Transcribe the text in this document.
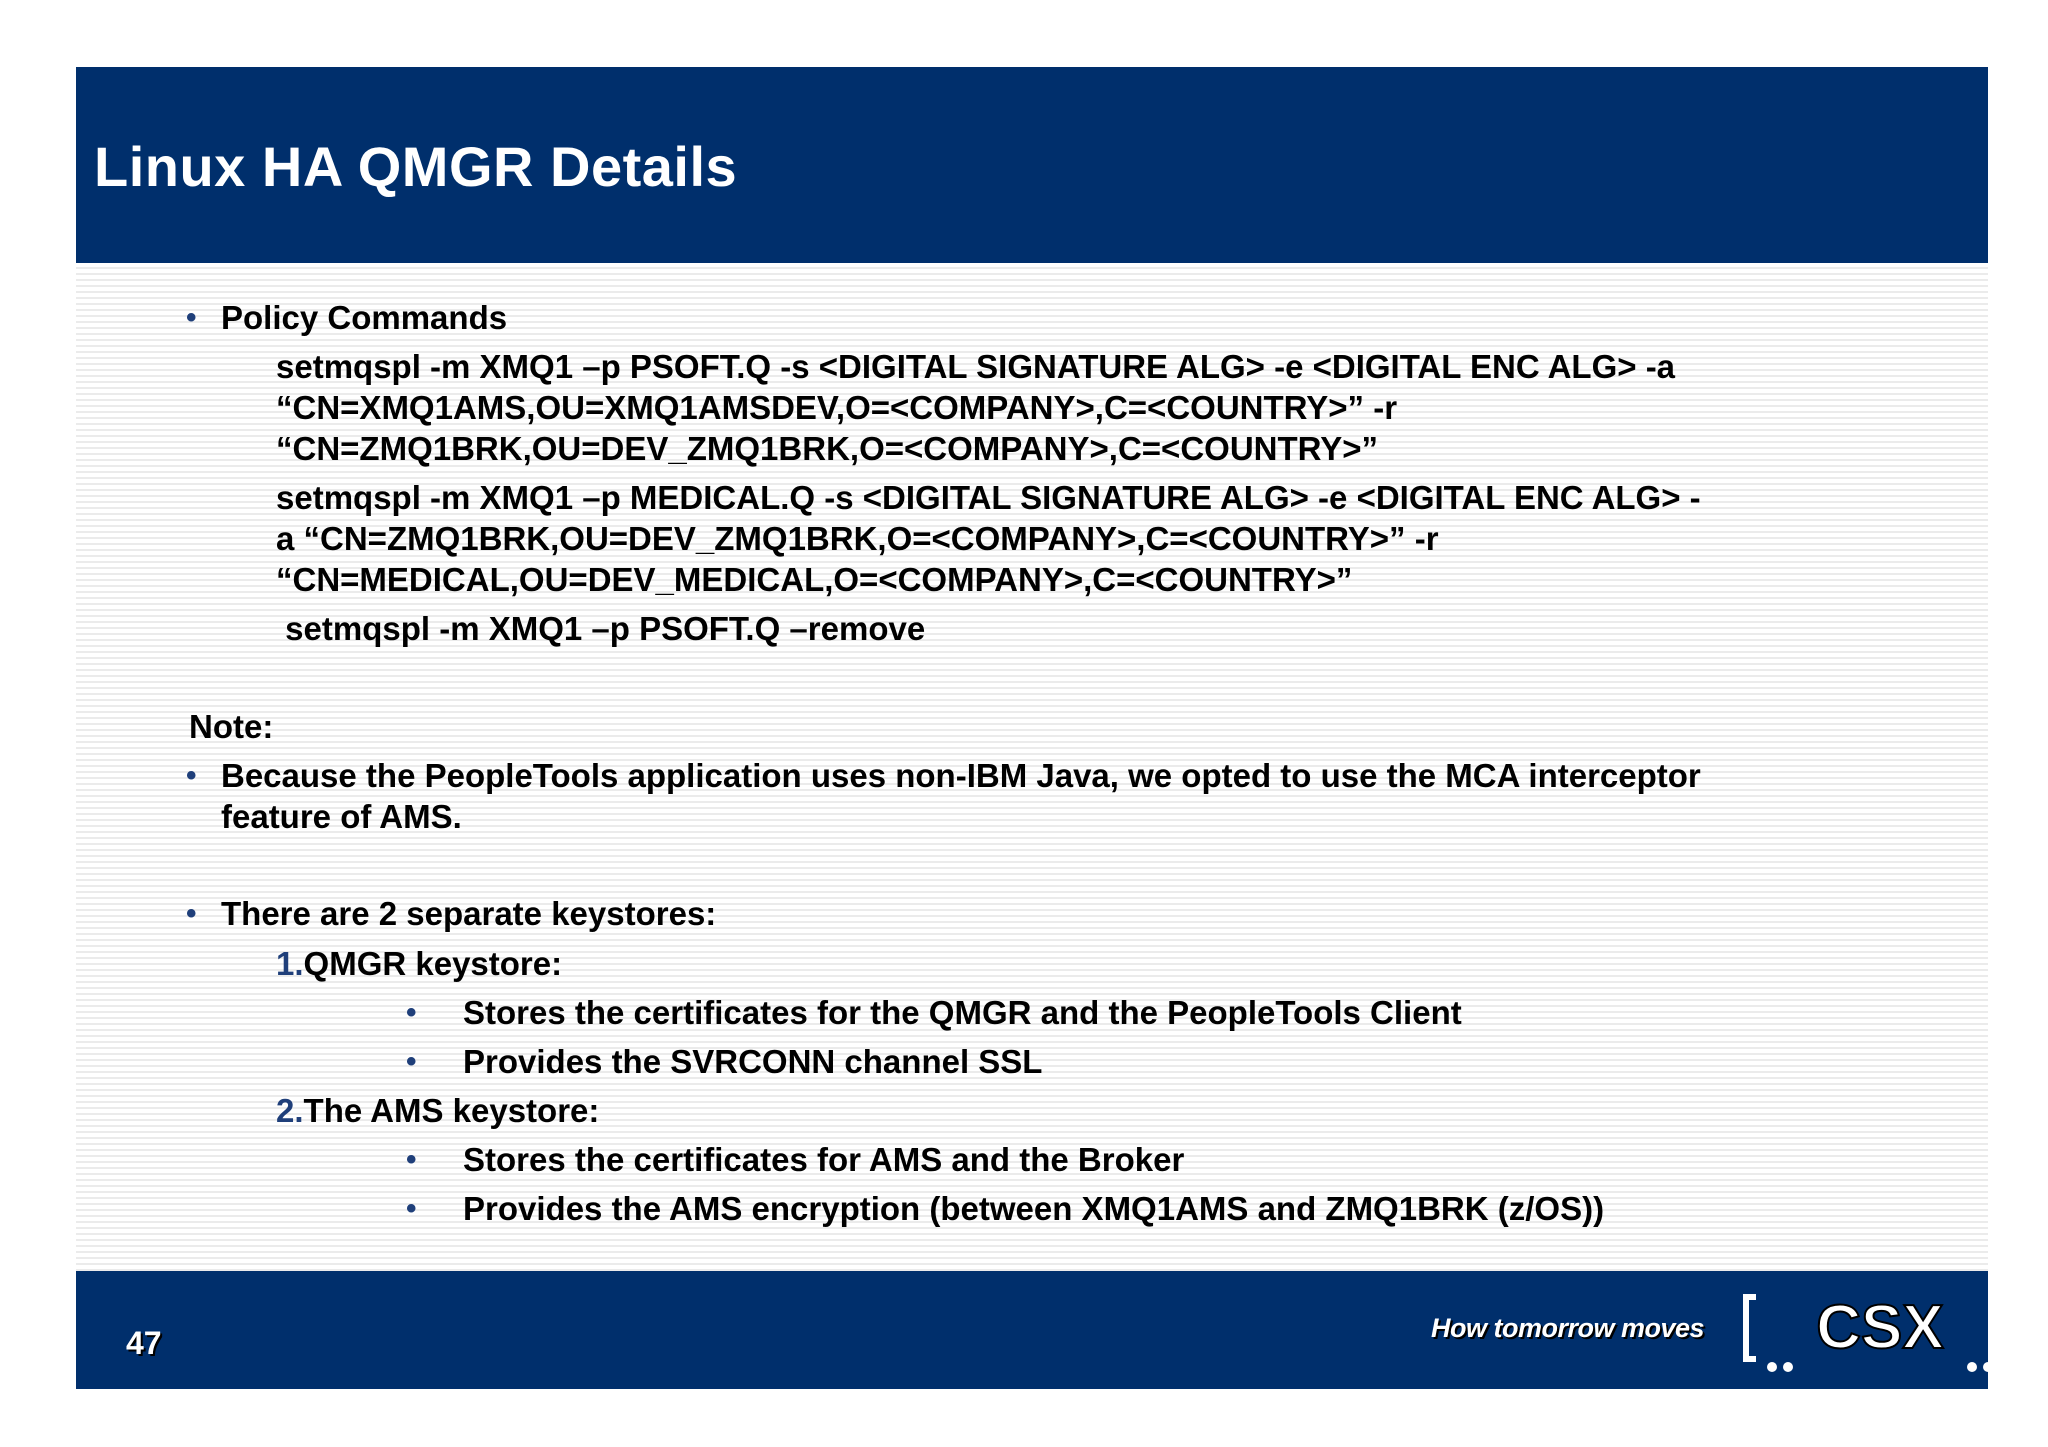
Linux HA QMGR Details
• Policy Commands

setmqspl -m XMQ1 –p PSOFT.Q -s <DIGITAL SIGNATURE ALG> -e <DIGITAL ENC ALG> -a

“CN=XMQ1AMS,OU=XMQ1AMSDEV,O=<COMPANY>,C=<COUNTRY>” -r

“CN=ZMQ1BRK,OU=DEV_ZMQ1BRK,O=<COMPANY>,C=<COUNTRY>”

setmqspl -m XMQ1 –p MEDICAL.Q -s <DIGITAL SIGNATURE ALG> -e <DIGITAL ENC ALG> -

a “CN=ZMQ1BRK,OU=DEV_ZMQ1BRK,O=<COMPANY>,C=<COUNTRY>” -r

“CN=MEDICAL,OU=DEV_MEDICAL,O=<COMPANY>,C=<COUNTRY>”

setmqspl -m XMQ1 –p PSOFT.Q –remove

Note:

• Because the PeopleTools application uses non-IBM Java, we opted to use the MCA interceptor

feature of AMS.

• There are 2 separate keystores:

1.QMGR keystore:

• Stores the certificates for the QMGR and the PeopleTools Client

• Provides the SVRCONN channel SSL

2.The AMS keystore:

• Stores the certificates for AMS and the Broker

• Provides the AMS encryption (between XMQ1AMS and ZMQ1BRK (z/OS))

47	How tomorrow moves CSX
